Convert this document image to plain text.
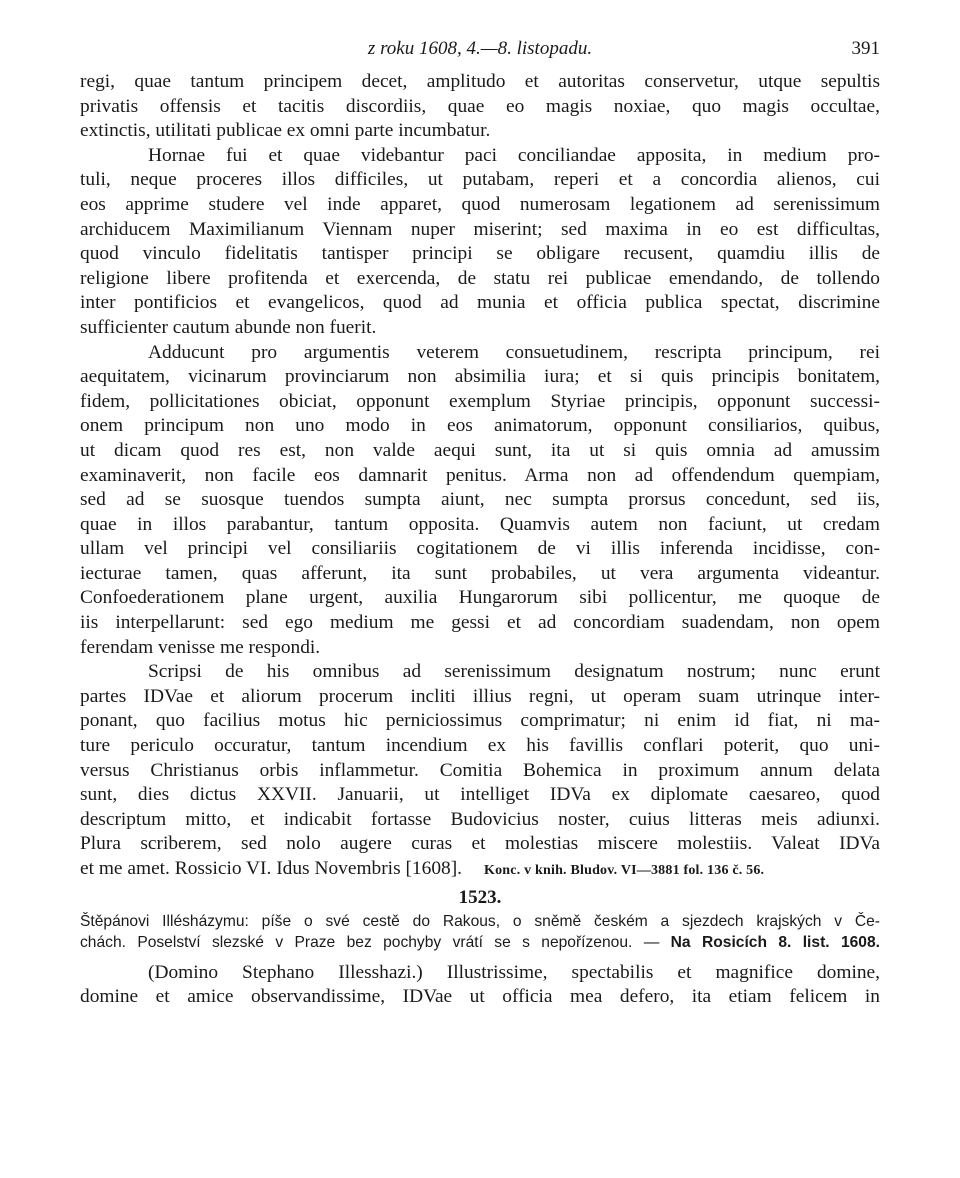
z roku 1608, 4.—8. listopadu.	391
regi, quae tantum principem decet, amplitudo et autoritas conservetur, utque sepultis
privatis offensis et tacitis discordiis, quae eo magis noxiae, quo magis occultae,
extinctis, utilitati publicae ex omni parte incumbatur.
Hornae fui et quae videbantur paci conciliandae apposita, in medium pro-
tuli, neque proceres illos difficiles, ut putabam, reperi et a concordia alienos, cui
eos apprime studere vel inde apparet, quod numerosam legationem ad serenissimum
archiducem Maximilianum Viennam nuper miserint; sed maxima in eo est difficultas,
quod vinculo fidelitatis tantisper principi se obligare recusent, quamdiu illis de
religione libere profitenda et exercenda, de statu rei publicae emendando, de tollendo
inter pontificios et evangelicos, quod ad munia et officia publica spectat, discrimine
sufficienter cautum abunde non fuerit.
Adducunt pro argumentis veterem consuetudinem, rescripta principum, rei
aequitatem, vicinarum provinciarum non absimilia iura; et si quis principis bonitatem,
fidem, pollicitationes obiciat, opponunt exemplum Styriae principis, opponunt successi-
onem principum non uno modo in eos animatorum, opponunt consiliarios, quibus,
ut dicam quod res est, non valde aequi sunt, ita ut si quis omnia ad amussim
examinaverit, non facile eos damnarit penitus. Arma non ad offendendum quempiam,
sed ad se suosque tuendos sumpta aiunt, nec sumpta prorsus concedunt, sed iis,
quae in illos parabantur, tantum opposita. Quamvis autem non faciunt, ut credam
ullam vel principi vel consiliariis cogitationem de vi illis inferenda incidisse, con-
iecturae tamen, quas afferunt, ita sunt probabiles, ut vera argumenta videantur.
Confoederationem plane urgent, auxilia Hungarorum sibi pollicentur, me quoque de
iis interpellarunt: sed ego medium me gessi et ad concordiam suadendam, non opem
ferendam venisse me respondi.
Scripsi de his omnibus ad serenissimum designatum nostrum; nunc erunt
partes IDVae et aliorum procerum incliti illius regni, ut operam suam utrinque inter-
ponant, quo facilius motus hic perniciossimus comprimatur; ni enim id fiat, ni ma-
ture periculo occuratur, tantum incendium ex his favillis conflari poterit, quo uni-
versus Christianus orbis inflammetur. Comitia Bohemica in proximum annum delata
sunt, dies dictus XXVII. Januarii, ut intelliget IDVa ex diplomate caesareo, quod
descriptum mitto, et indicabit fortasse Budovicius noster, cuius litteras meis adiunxi.
Plura scriberem, sed nolo augere curas et molestias miscere molestiis. Valeat IDVa
et me amet. Rossicio VI. Idus Novembris [1608]. Konc. v knih. Bludov. VI—3881 fol. 136 č. 56.
1523.
Štěpánovi Illésházymu: píše o své cestě do Rakous, o sněmě českém a sjezdech krajských v Če-
chách. Poselství slezské v Praze bez pochyby vrátí se s nepořízenou. — Na Rosicích 8. list. 1608.
(Domino Stephano Illesshazi.) Illustrissime, spectabilis et magnifice domine,
domine et amice observandissime, IDVae ut officia mea defero, ita etiam felicem in
